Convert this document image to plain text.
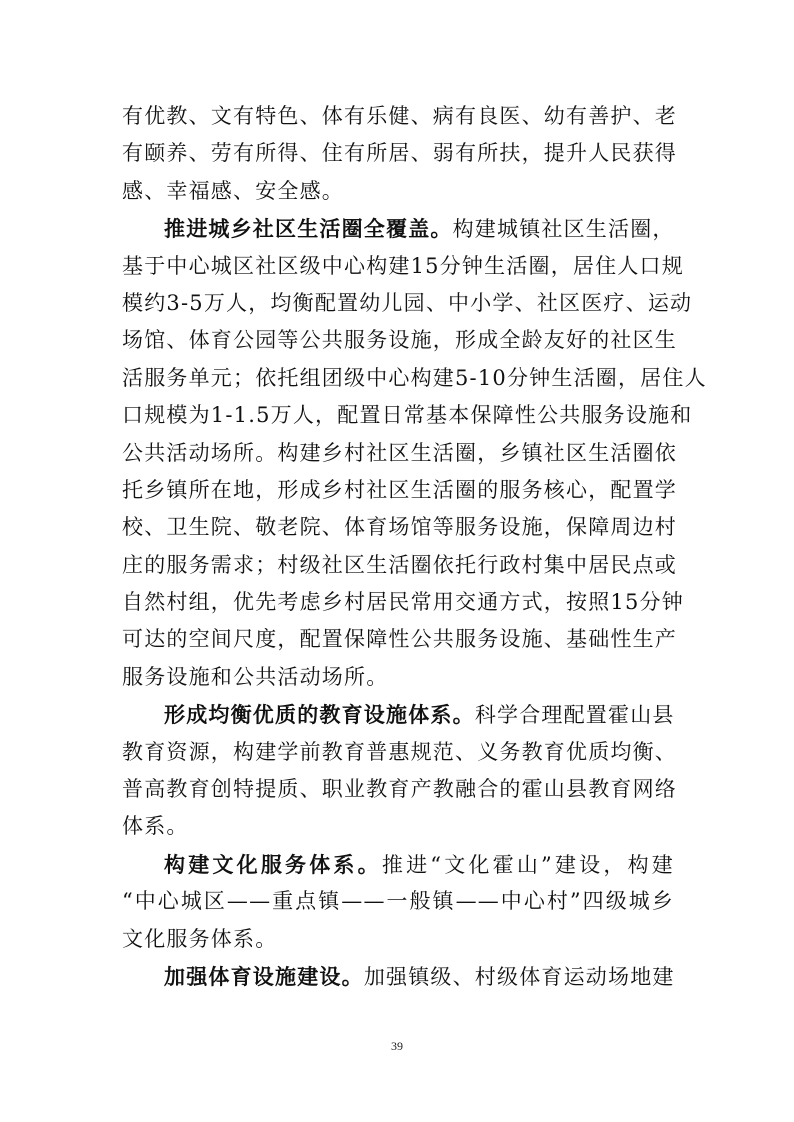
有优教、文有特色、体有乐健、病有良医、幼有善护、老
有颐养、劳有所得、住有所居、弱有所扶，提升人民获得
感、幸福感、安全感。
推进城乡社区生活圈全覆盖。构建城镇社区生活圈，
基于中心城区社区级中心构建15分钟生活圈，居住人口规
模约3-5万人，均衡配置幼儿园、中小学、社区医疗、运动
场馆、体育公园等公共服务设施，形成全龄友好的社区生
活服务单元；依托组团级中心构建5-10分钟生活圈，居住人
口规模为1-1.5万人，配置日常基本保障性公共服务设施和
公共活动场所。构建乡村社区生活圈，乡镇社区生活圈依
托乡镇所在地，形成乡村社区生活圈的服务核心，配置学
校、卫生院、敬老院、体育场馆等服务设施，保障周边村
庄的服务需求；村级社区生活圈依托行政村集中居民点或
自然村组，优先考虑乡村居民常用交通方式，按照15分钟
可达的空间尺度，配置保障性公共服务设施、基础性生产
服务设施和公共活动场所。
形成均衡优质的教育设施体系。科学合理配置霍山县
教育资源，构建学前教育普惠规范、义务教育优质均衡、
普高教育创特提质、职业教育产教融合的霍山县教育网络
体系。
构建文化服务体系。推进“文化霍山”建设，构建
“中心城区——重点镇——一般镇——中心村”四级城乡
文化服务体系。
加强体育设施建设。加强镇级、村级体育运动场地建
39
